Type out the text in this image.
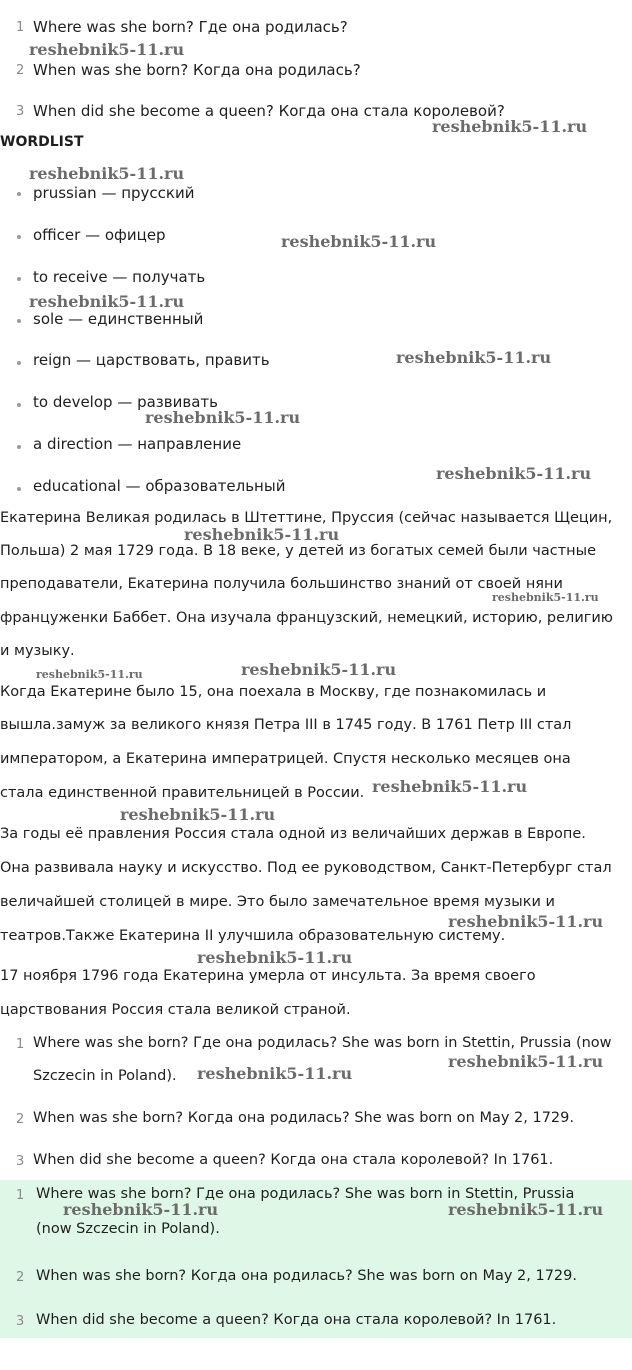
1 Where was she born? Где она родилась?
2 When was she born? Когда она родилась?
3 When did she become a queen? Когда она стала королевой?
WORDLIST
prussian — прусский
officer — офицер
to receive — получать
sole — единственный
reign — царствовать, править
to develop — развивать
a direction — направление
educational — образовательный
Екатерина Великая родилась в Штеттине, Пруссия (сейчас называется Щецин,
Польша) 2 мая 1729 года. В 18 веке, у детей из богатых семей были частные
преподаватели, Екатерина получила большинство знаний от своей няни
француженки Баббет. Она изучала французский, немецкий, историю, религию
и музыку.
Когда Екатерине было 15, она поехала в Москву, где познакомилась и
вышла.замуж за великого князя Петра III в 1745 году. В 1761 Петр III стал
императором, а Екатерина императрицей. Спустя несколько месяцев она
стала единственной правительницей в России.
За годы её правления Россия стала одной из величайших держав в Европе.
Она развивала науку и искусство. Под ее руководством, Санкт-Петербург стал
величайшей столицей в мире. Это было замечательное время музыки и
театров.Также Екатерина II улучшила образовательную систему.
17 ноября 1796 года Екатерина умерла от инсульта. За время своего
царствования Россия стала великой страной.
1 Where was she born? Где она родилась? She was born in Stettin, Prussia (now
Szczecin in Poland).
2 When was she born? Когда она родилась? She was born on May 2, 1729.
3 When did she become a queen? Когда она стала королевой? In 1761.
1 Where was she born? Где она родилась? She was born in Stettin, Prussia
(now Szczecin in Poland).
2 When was she born? Когда она родилась? She was born on May 2, 1729.
3 When did she become a queen? Когда она стала королевой? In 1761.
reshebnik5-11.ru
reshebnik5-11.ru
reshebnik5-11.ru
reshebnik5-11.ru
reshebnik5-11.ru
reshebnik5-11.ru
reshebnik5-11.ru
reshebnik5-11.ru
reshebnik5-11.ru
reshebnik5-11.ru
reshebnik5-11.ru	reshebnik5-11.ru
reshebnik5-11.ru
reshebnik5-11.ru
reshebnik5-11.ru
reshebnik5-11.ru
reshebnik5-11.ru
reshebnik5-11.ru
reshebnik5-11.ru	reshebnik5-11.ru
